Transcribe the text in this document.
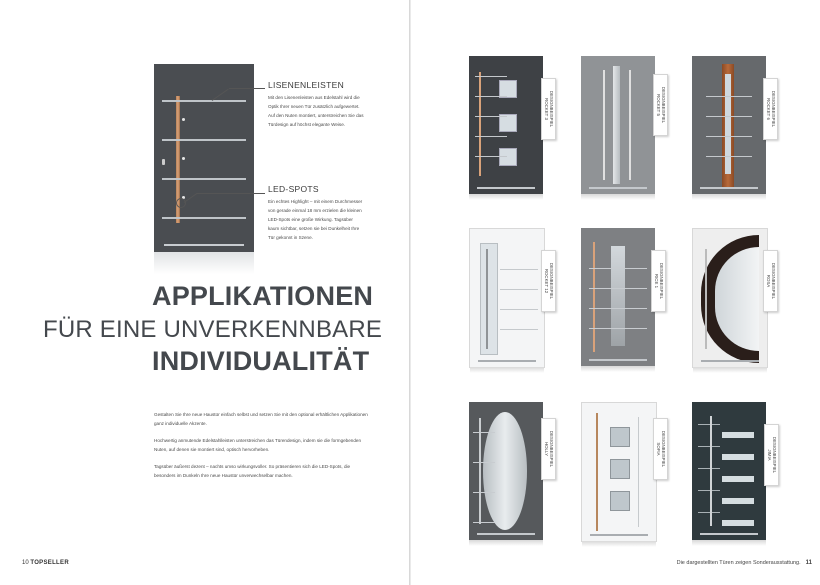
LISENENLEISTEN
Mit den Lisenenleisten aus Edelstahl wird die Optik Ihrer neuen Tür zusätzlich aufgewertet. Auf den Nuten montiert, unterstreichen Sie das Türdesign auf höchst elegante Weise.
LED-SPOTS
Ein echtes Highlight – mit einem Durchmesser von gerade einmal 18 mm erzielen die kleinen LED-Spots eine große Wirkung. Tagsüber kaum sichtbar, setzen sie bei Dunkelheit Ihre Tür gekonnt in Szene.
APPLIKATIONEN
FÜR EINE UNVERKENNBARE
INDIVIDUALITÄT

Gestalten Sie Ihre neue Haustür einfach selbst und setzen Sie mit den optional erhältlichen Applikationen ganz individuelle Akzente.

Hochwertig anmutende Edelstahlleisten unterstreichen das Türendesign, indem sie die formgebenden Nuten, auf denen sie montiert sind, optisch hervorheben.

Tagsüber äußerst dezent – nachts umso wirkungsvoller. So präsentieren sich die LED-Spots, die besonders im Dunkeln Ihre neue Haustür unverwechselbar machen.

10 TOPSELLER
DESIGNBEISPIEL
ROCKET 3	DESIGNBEISPIEL
ROCKET 5	DESIGNBEISPIEL
ROCKET 6
DESIGNBEISPIEL
ROCKET 12	DESIGNBEISPIEL
RICE 1	DESIGNBEISPIEL
ROSA
DESIGNBEISPIEL
HOLLY	DESIGNBEISPIEL
SOFIA	DESIGNBEISPIEL
JIMIA
Die dargestellten Türen zeigen Sonderausstattung. 11
